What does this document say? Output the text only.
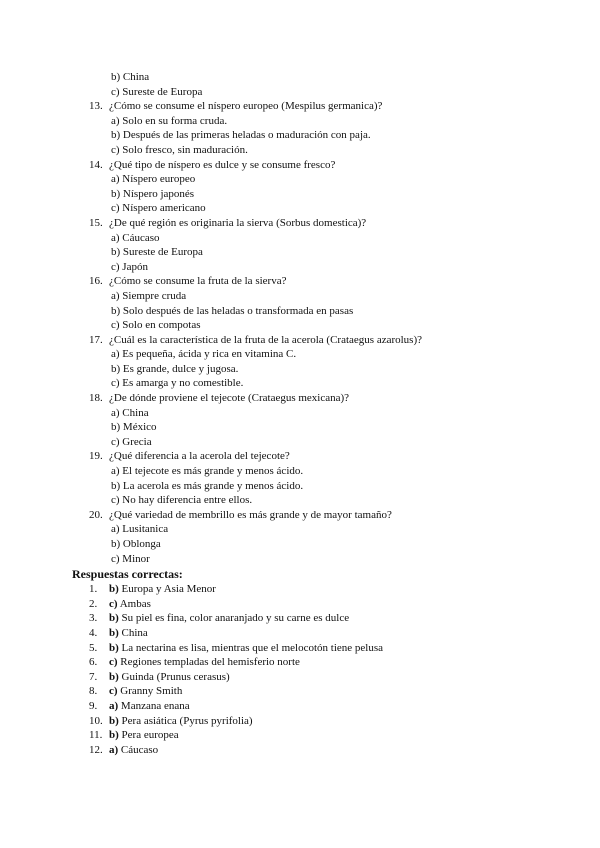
b) China
c) Sureste de Europa
13. ¿Cómo se consume el níspero europeo (Mespilus germanica)?
a) Solo en su forma cruda.
b) Después de las primeras heladas o maduración con paja.
c) Solo fresco, sin maduración.
14. ¿Qué tipo de níspero es dulce y se consume fresco?
a) Níspero europeo
b) Níspero japonés
c) Níspero americano
15. ¿De qué región es originaria la sierva (Sorbus domestica)?
a) Cáucaso
b) Sureste de Europa
c) Japón
16. ¿Cómo se consume la fruta de la sierva?
a) Siempre cruda
b) Solo después de las heladas o transformada en pasas
c) Solo en compotas
17. ¿Cuál es la característica de la fruta de la acerola (Crataegus azarolus)?
a) Es pequeña, ácida y rica en vitamina C.
b) Es grande, dulce y jugosa.
c) Es amarga y no comestible.
18. ¿De dónde proviene el tejecote (Crataegus mexicana)?
a) China
b) México
c) Grecia
19. ¿Qué diferencia a la acerola del tejecote?
a) El tejecote es más grande y menos ácido.
b) La acerola es más grande y menos ácido.
c) No hay diferencia entre ellos.
20. ¿Qué variedad de membrillo es más grande y de mayor tamaño?
a) Lusitanica
b) Oblonga
c) Minor
Respuestas correctas:
1. b) Europa y Asia Menor
2. c) Ambas
3. b) Su piel es fina, color anaranjado y su carne es dulce
4. b) China
5. b) La nectarina es lisa, mientras que el melocotón tiene pelusa
6. c) Regiones templadas del hemisferio norte
7. b) Guinda (Prunus cerasus)
8. c) Granny Smith
9. a) Manzana enana
10. b) Pera asiática (Pyrus pyrifolia)
11. b) Pera europea
12. a) Cáucaso
